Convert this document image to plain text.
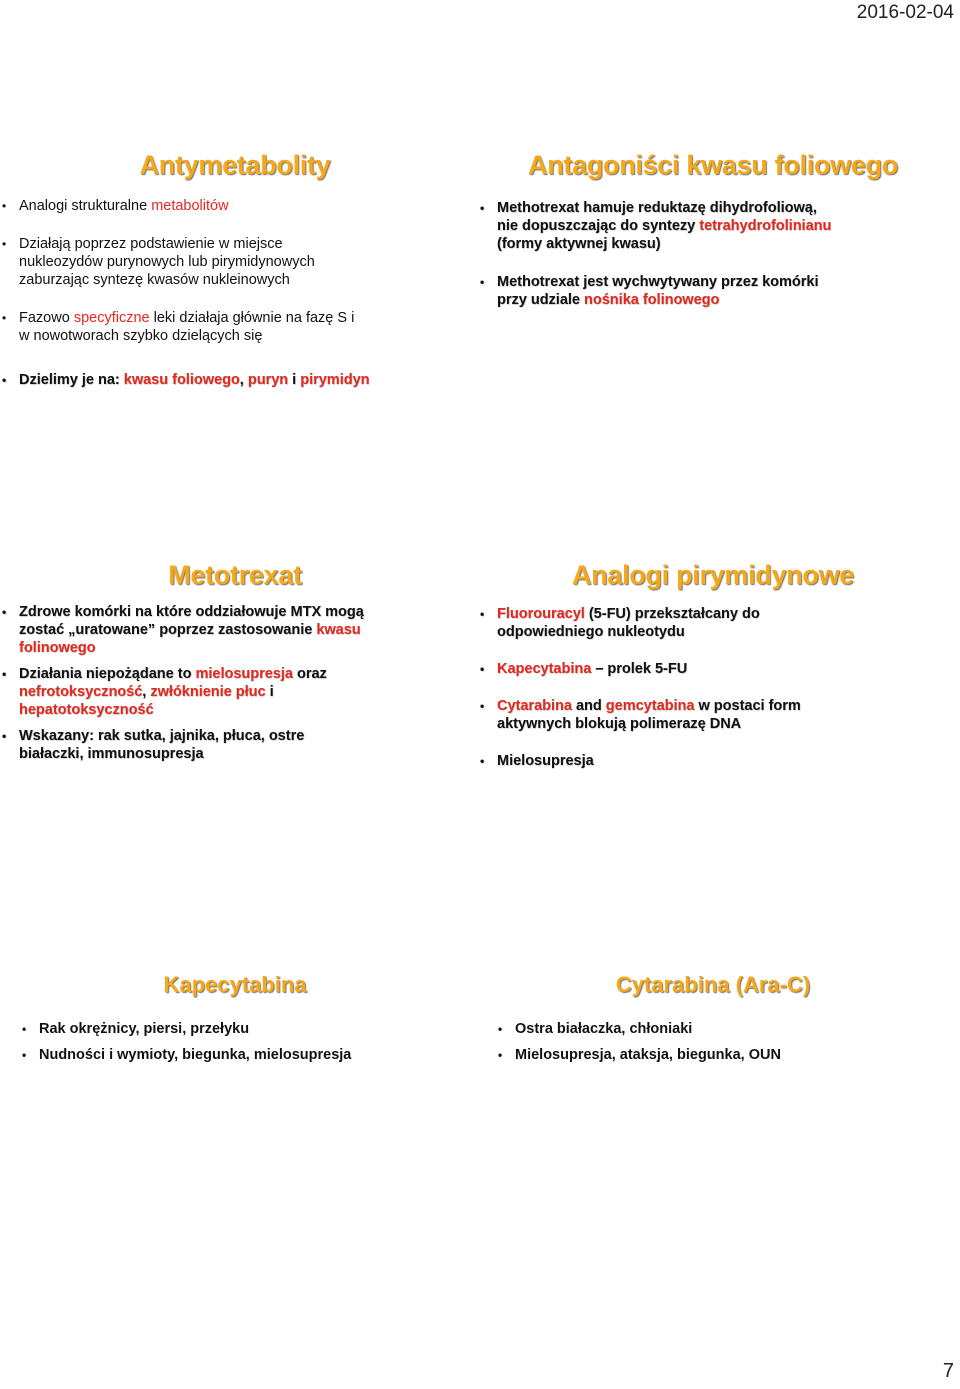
2016-02-04
Antymetabolity
• Analogi strukturalne metabolitów
• Działają poprzez podstawienie w miejsce
nukleozydów purynowych lub pirymidynowych
zaburzając syntezę kwasów nukleinowych
• Fazowo specyficzne leki działaja głównie na fazę S i
w nowotworach szybko dzielących się
• Dzielimy je na: kwasu foliowego, puryn i pirymidyn
Antagoniści kwasu foliowego
• Methotrexat hamuje reduktazę dihydrofoliową,
nie dopuszczając do syntezy tetrahydrofolinianu
(formy aktywnej kwasu)
• Methotrexat jest wychwytywany przez komórki
przy udziale nośnika folinowego
Metotrexat
• Zdrowe komórki na które oddziałowuje MTX mogą
zostać „uratowane” poprzez zastosowanie kwasu
folinowego
• Działania niepożądane to mielosupresja oraz
nefrotoksyczność, zwłóknienie płuc i
hepatotoksyczność
• Wskazany: rak sutka, jajnika, płuca, ostre
białaczki, immunosupresja
Analogi pirymidynowe
• Fluorouracyl (5-FU) przekształcany do
odpowiedniego nukleotydu
• Kapecytabina – prolek 5-FU
• Cytarabina and gemcytabina w postaci form
aktywnych blokują polimerazę DNA
• Mielosupresja
Kapecytabina
• Rak okrężnicy, piersi, przełyku
• Nudności i wymioty, biegunka, mielosupresja
Cytarabina (Ara-C)
• Ostra białaczka, chłoniaki
• Mielosupresja, ataksja, biegunka, OUN
7
